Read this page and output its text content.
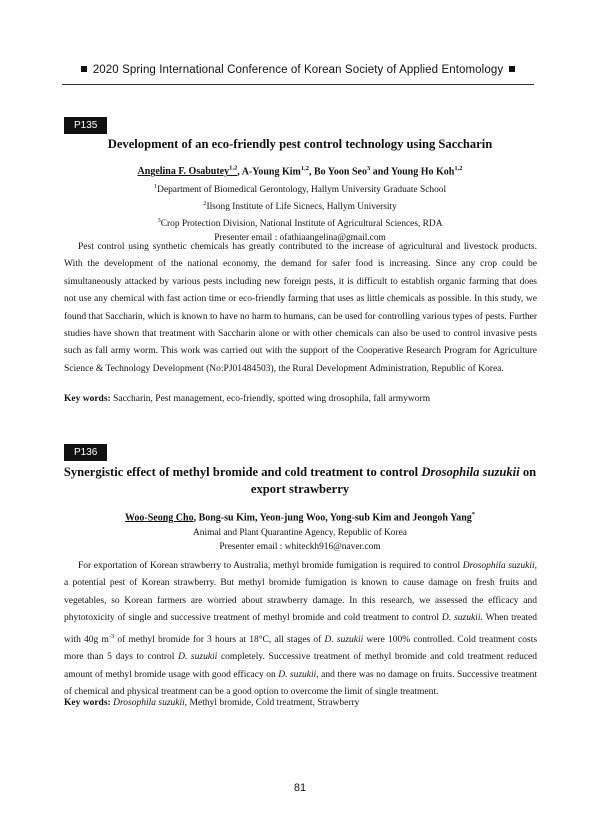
2020 Spring International Conference of Korean Society of Applied Entomology
P135
Development of an eco-friendly pest control technology using Saccharin
Angelina F. Osabutey$^{1,2}$, A-Young Kim$^{1,2}$, Bo Yoon Seo$^3$ and Young Ho Koh$^{1,2}$
$^1$Department of Biomedical Gerontology, Hallym University Graduate School
$^2$Ilsong Institute of Life Sicnecs, Hallym University
$^3$Crop Protection Division, National Institute of Agricultural Sciences, RDA
Presenter email : ofathiaangelina@gmail.com
Pest control using synthetic chemicals has greatly contributed to the increase of agricultural and livestock products. With the development of the national economy, the demand for safer food is increasing. Since any crop could be simultaneously attacked by various pests including new foreign pests, it is difficult to establish organic farming that does not use any chemical with fast action time or eco-friendly farming that uses as little chemicals as possible. In this study, we found that Saccharin, which is known to have no harm to humans, can be used for controlling various types of pests. Further studies have shown that treatment with Saccharin alone or with other chemicals can also be used to control invasive pests such as fall army worm. This work was carried out with the support of the Cooperative Research Program for Agriculture Science & Technology Development (No:PJ01484503), the Rural Development Administration, Republic of Korea.
Key words: Saccharin, Pest management, eco-friendly, spotted wing drosophila, fall armyworm
P136
Synergistic effect of methyl bromide and cold treatment to control Drosophila suzukii on export strawberry
Woo-Seong Cho, Bong-su Kim, Yeon-jung Woo, Yong-sub Kim and Jeongoh Yang*
Animal and Plant Quarantine Agency, Republic of Korea
Presenter email : whiteckh916@naver.com
For exportation of Korean strawberry to Australia, methyl bromide fumigation is required to control Drosophila suzukii, a potential pest of Korean strawberry. But methyl bromide fumigation is known to cause damage on fresh fruits and vegetables, so Korean farmers are worried about strawberry damage. In this research, we assessed the efficacy and phytotoxicity of single and successive treatment of methyl bromide and cold treatment to control D. suzukii. When treated with 40g $m^{-3}$ of methyl bromide for 3 hours at 18°C, all stages of D. suzukii were 100% controlled. Cold treatment costs more than 5 days to control D. suzukii completely. Successive treatment of methyl bromide and cold treatment reduced amount of methyl bromide usage with good efficacy on D. suzukii, and there was no damage on fruits. Successive treatment of chemical and physical treatment can be a good option to overcome the limit of single treatment.
Key words: Drosophila suzukii, Methyl bromide, Cold treatment, Strawberry
81
